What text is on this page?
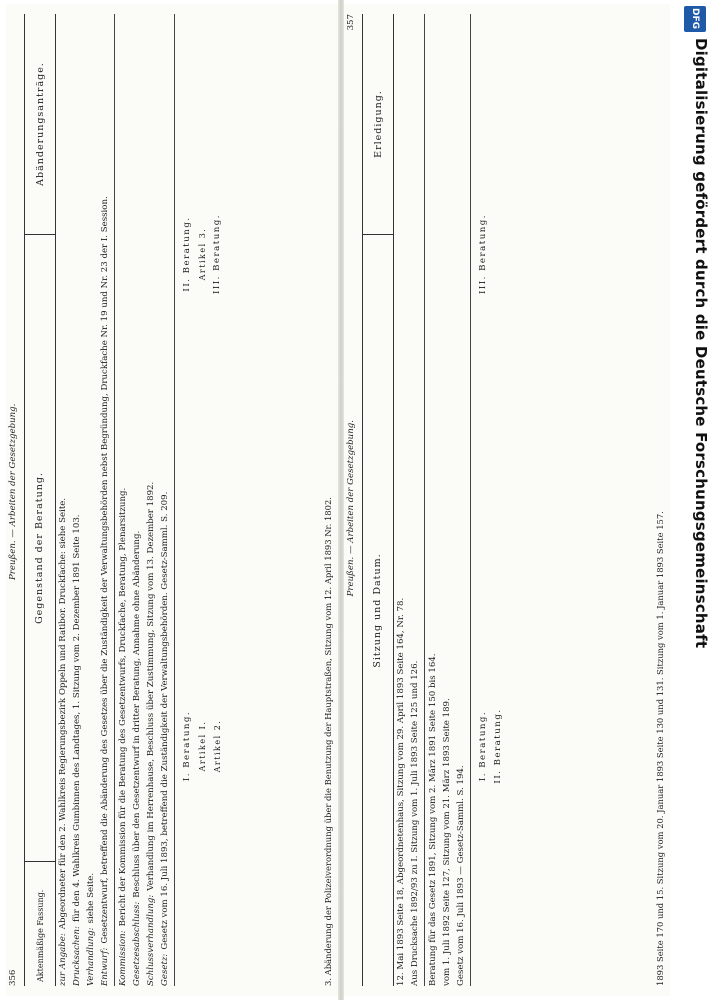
356
Preußen. — Arbeiten der Gesetzgebung.
Aktenmäßige Fassung.
Gegenstand der Beratung.
Abänderungsanträge.
zur Angabe:Abgeordneter für den 2. Wahlkreis Regierungsbezirk Oppeln und Ratibor. Druckfache: siehe Seite.
Drucksachen:für den 4. Wahlkreis Gumbinnen des Landtages, 1. Sitzung vom 2. Dezember 1891 Seite 103.
Verhandlung:siehe Seite.
Entwurf:Gesetzentwurf, betreffend die Abänderung des Gesetzes über die Zuständigkeit der Verwaltungsbehörden nebst Begründung, Druckfache Nr. 19 und Nr. 23 der I. Session.
Kommission:Bericht der Kommission für die Beratung des Gesetzentwurfs, Druckfache, Beratung, Plenarsitzung.
Gesetzesabschluss:Beschluss über den Gesetzentwurf in dritter Beratung, Annahme ohne Abänderung.
Schlussverhandlung:Verhandlung im Herrenhause, Beschluss über Zustimmung, Sitzung vom 13. Dezember 1892.
Gesetz:Gesetz vom 16. Juli 1893, betreffend die Zuständigkeit der Verwaltungsbehörden. Gesetz-Samml. S. 209. I. Beratung. Artikel I. Artikel 2.
II. Beratung. Artikel 3. III. Beratung.
3. Abänderung der Polizeiverordnung über die Benutzung der Hauptstraßen, Sitzung vom 12. April 1893 Nr. 1802. Preußen. — Arbeiten der Gesetzgebung.
357
Sitzung und Datum.
Erledigung.
12. Mai 1893 Seite 18, Abgeordnetenhaus, Sitzung vom 29. April 1893 Seite 164, Nr. 78. Aus Drucksache 1892/93 zu I. Sitzung vom 1. Juli 1893 Seite 125 und 126. Beratung für das Gesetz 1891, Sitzung vom 2. März 1891 Seite 150 bis 164. vom 1. Juli 1892 Seite 127, Sitzung vom 21. März 1893 Seite 189. Gesetz vom 16. Juli 1893 — Gesetz-Samml. S. 194.
I. Beratung. II. Beratung.
III. Beratung.
1893 Seite 170 und 15. Sitzung vom 20. Januar 1893 Seite 130 und 131. Sitzung vom 1. Januar 1893 Seite 157.
DFG
Digitalisierung gefördert durch die Deutsche Forschungsgemeinschaft
